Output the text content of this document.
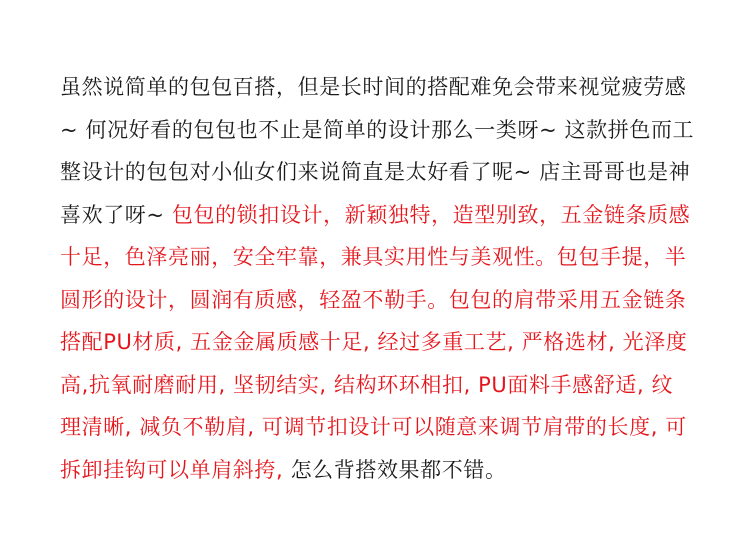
虽然说简单的包包百搭，但是长时间的搭配难免会带来视觉疲劳感
~ 何况好看的包包也不止是简单的设计那么一类呀~ 这款拼色而工
整设计的包包对小仙女们来说简直是太好看了呢~ 店主哥哥也是神
喜欢了呀~ 包包的锁扣设计，新颖独特，造型别致，五金链条质感
十足，色泽亮丽，安全牢靠，兼具实用性与美观性。包包手提，半
圆形的设计，圆润有质感，轻盈不勒手。包包的肩带采用五金链条
搭配PU材质, 五金金属质感十足, 经过多重工艺, 严格选材, 光泽度
高,抗氧耐磨耐用, 坚韧结实, 结构环环相扣, PU面料手感舒适, 纹
理清晰, 减负不勒肩, 可调节扣设计可以随意来调节肩带的长度, 可
拆卸挂钩可以单肩斜挎, 怎么背搭效果都不错。
